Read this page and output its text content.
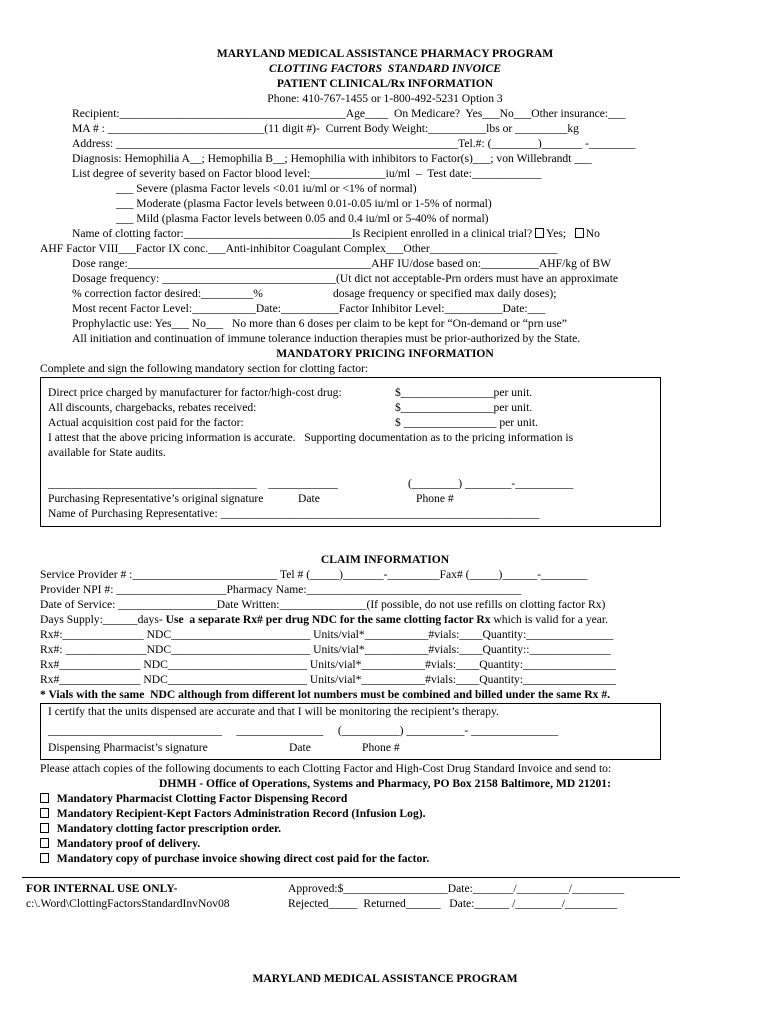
MARYLAND MEDICAL ASSISTANCE PHARMACY PROGRAM
CLOTTING FACTORS  STANDARD INVOICE
PATIENT CLINICAL/Rx INFORMATION
Phone: 410-767-1455 or 1-800-492-5231 Option 3
Recipient:_______________________________________Age____  On Medicare?  Yes___No___Other insurance:___
MA # : ___________________________(11 digit #)-  Current Body Weight:__________lbs or _________kg
Address: ___________________________________________________________Tel.#: (________)_______ -________
Diagnosis: Hemophilia A__; Hemophilia B__; Hemophilia with inhibitors to Factor(s)___; von Willebrandt ___
List degree of severity based on Factor blood level:_____________iu/ml  –  Test date:____________
___ Severe (plasma Factor levels <0.01 iu/ml or <1% of normal)
___ Moderate (plasma Factor levels between 0.01-0.05 iu/ml or 1-5% of normal)
___ Mild (plasma Factor levels between 0.05 and 0.4 iu/ml or 5-40% of normal)
Name of clotting factor:_____________________________Is Recipient enrolled in a clinical trial? Yes; No
AHF Factor VIII___Factor IX conc.___Anti-inhibitor Coagulant Complex___Other______________________
Dose range:__________________________________________AHF IU/dose based on:__________AHF/kg of BW
Dosage frequency: ______________________________(Ut dict not acceptable-Prn orders must have an approximate
% correction factor desired:_________%	dosage frequency or specified max daily doses);
Most recent Factor Level:___________Date:__________Factor Inhibitor Level:__________Date:___
Prophylactic use: Yes___ No___   No more than 6 doses per claim to be kept for “On-demand or “prn use”
All initiation and continuation of immune tolerance induction therapies must be prior-authorized by the State.
MANDATORY PRICING INFORMATION
Complete and sign the following mandatory section for clotting factor:
Direct price charged by manufacturer for factor/high-cost drug:	$________________per unit.
All discounts, chargebacks, rebates received:	$________________per unit.
Actual acquisition cost paid for the factor:	$ ________________ per unit.
I attest that the above pricing information is accurate.   Supporting documentation as to the pricing information is
available for State audits.
____________________________________    ____________	(________) ________-__________
Purchasing Representative’s original signature	Date	Phone #
Name of Purchasing Representative: _______________________________________________________
CLAIM INFORMATION
Service Provider # :_________________________ Tel # (_____)_______-_________Fax# (_____)______-________
Provider NPI #: ___________________Pharmacy Name:_____________________________________
Date of Service: _________________Date Written:_______________(If possible, do not use refills on clotting factor Rx)
Days Supply:______days- Use  a separate Rx# per drug NDC for the same clotting factor Rx which is valid for a year.
Rx#:______________ NDC________________________ Units/vial*___________#vials:____Quantity:_______________
Rx#: ______________NDC________________________ Units/vial*___________#vials:____Quantity::______________
Rx#______________ NDC________________________ Units/vial*___________#vials:____Quantity:________________
Rx#______________ NDC________________________ Units/vial*___________#vials:____Quantity:________________
* Vials with the same  NDC although from different lot numbers must be combined and billed under the same Rx #.
I certify that the units dispensed are accurate and that I will be monitoring the recipient’s therapy.
______________________________     _______________     (__________) __________- _______________
Dispensing Pharmacist’s signature	Date	Phone #
Please attach copies of the following documents to each Clotting Factor and High-Cost Drug Standard Invoice and send to:
DHMH - Office of Operations, Systems and Pharmacy, PO Box 2158 Baltimore, MD 21201:
Mandatory Pharmacist Clotting Factor Dispensing Record
Mandatory Recipient-Kept Factors Administration Record (Infusion Log).
Mandatory clotting factor prescription order.
Mandatory proof of delivery.
Mandatory copy of purchase invoice showing direct cost paid for the factor.
FOR INTERNAL USE ONLY-
c:\.Word\ClottingFactorsStandardInvNov08
Approved:$__________________Date:_______/_________/_________
Rejected_____  Returned______   Date:______ /________/_________
MARYLAND MEDICAL ASSISTANCE PROGRAM
